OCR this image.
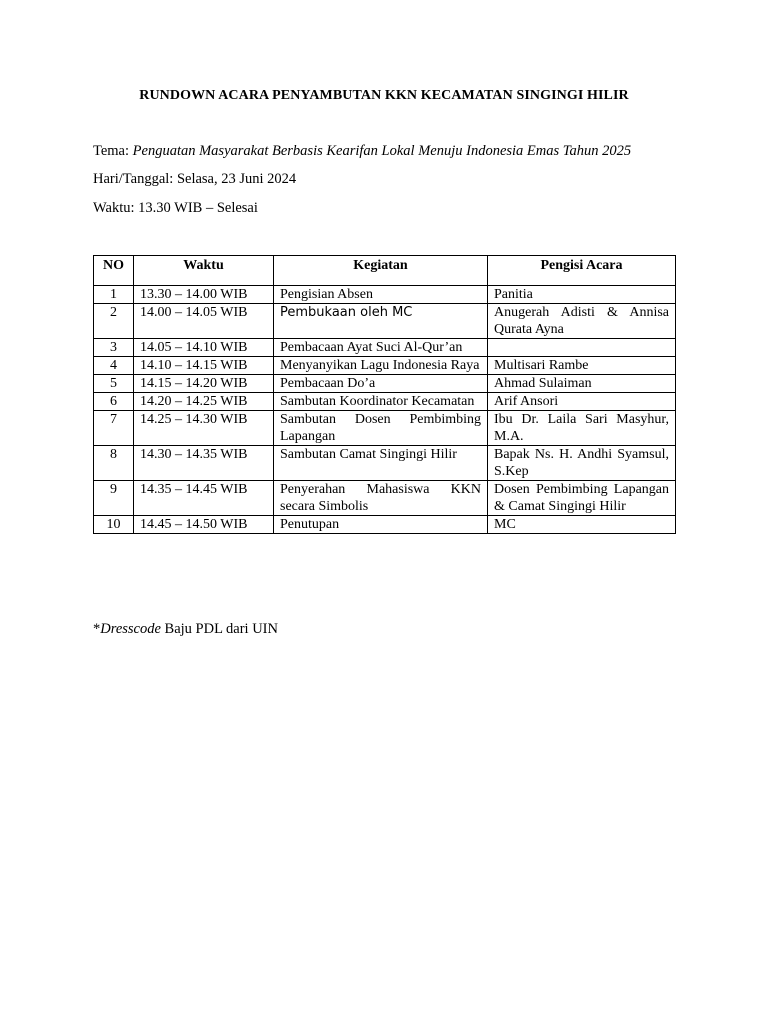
RUNDOWN ACARA PENYAMBUTAN KKN KECAMATAN SINGINGI HILIR
Tema: Penguatan Masyarakat Berbasis Kearifan Lokal Menuju Indonesia Emas Tahun 2025
Hari/Tanggal: Selasa, 23 Juni 2024
Waktu: 13.30 WIB – Selesai
NO	Waktu	Kegiatan	Pengisi Acara
1	13.30 – 14.00 WIB	Pengisian Absen	Panitia
2	14.00 – 14.05 WIB	Pembukaan oleh MC	Anugerah Adisti & Annisa Qurata Ayna
3	14.05 – 14.10 WIB	Pembacaan Ayat Suci Al-Qur’an	
4	14.10 – 14.15 WIB	Menyanyikan Lagu Indonesia Raya	Multisari Rambe
5	14.15 – 14.20 WIB	Pembacaan Do’a	Ahmad Sulaiman
6	14.20 – 14.25 WIB	Sambutan Koordinator Kecamatan	Arif Ansori
7	14.25 – 14.30 WIB	Sambutan Dosen Pembimbing Lapangan	Ibu Dr. Laila Sari Masyhur, M.A.
8	14.30 – 14.35 WIB	Sambutan Camat Singingi Hilir	Bapak Ns. H. Andhi Syamsul, S.Kep
9	14.35 – 14.45 WIB	Penyerahan Mahasiswa KKN secara Simbolis	Dosen Pembimbing Lapangan & Camat Singingi Hilir
10	14.45 – 14.50 WIB	Penutupan	MC
*Dresscode Baju PDL dari UIN
